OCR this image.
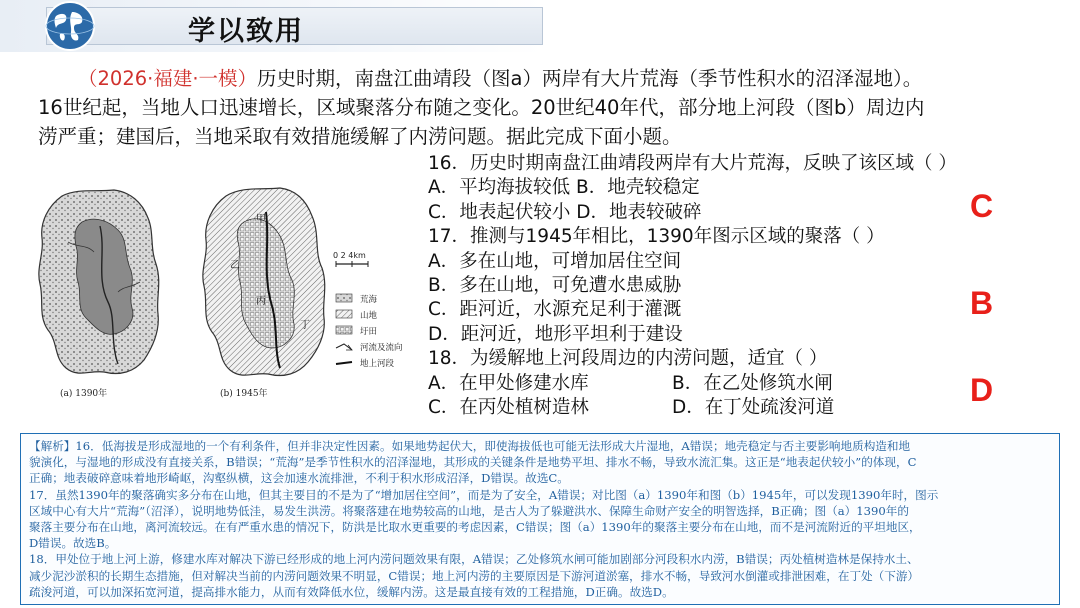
学以致用
（2026·福建·一模）历史时期，南盘江曲靖段（图a）两岸有大片荒海（季节性积水的沼泽湿地）。
16世纪起，当地人口迅速增长，区域聚落分布随之变化。20世纪40年代，部分地上河段（图b）周边内
涝严重；建国后，当地采取有效措施缓解了内涝问题。据此完成下面小题。
甲
乙
丙
丁
0 2 4km
荒海
山地
圩田
河流及流向
地上河段
(a) 1390年	(b) 1945年
16．历史时期南盘江曲靖段两岸有大片荒海，反映了该区域（ ）
A．平均海拔较低 B．地壳较稳定
C．地表起伏较小 D．地表较破碎
17．推测与1945年相比，1390年图示区域的聚落（ ）
A．多在山地，可增加居住空间
B．多在山地，可免遭水患威胁
C．距河近，水源充足利于灌溉
D．距河近，地形平坦利于建设
18．为缓解地上河段周边的内涝问题，适宜（ ）
A．在甲处修建水库	B．在乙处修筑水闸
C．在丙处植树造林	D．在丁处疏浚河道
C
B
D

【解析】16．低海拔是形成湿地的一个有利条件，但并非决定性因素。如果地势起伏大，即使海拔低也可能无法形成大片湿地，A错误；地壳稳定与否主要影响地质构造和地

貌演化，与湿地的形成没有直接关系，B错误；“荒海”是季节性积水的沼泽湿地，其形成的关键条件是地势平坦、排水不畅，导致水流汇集。这正是“地表起伏较小”的体现，C

正确；地表破碎意味着地形崎岖，沟壑纵横，这会加速水流排泄，不利于积水形成沼泽，D错误。故选C。

17．虽然1390年的聚落确实多分布在山地，但其主要目的不是为了“增加居住空间”，而是为了安全，A错误；对比图（a）1390年和图（b）1945年，可以发现1390年时，图示

区域中心有大片“荒海”（沼泽），说明地势低洼，易发生洪涝。将聚落建在地势较高的山地，是古人为了躲避洪水、保障生命财产安全的明智选择，B正确；图（a）1390年的

聚落主要分布在山地，离河流较远。在有严重水患的情况下，防洪是比取水更重要的考虑因素，C错误；图（a）1390年的聚落主要分布在山地，而不是河流附近的平坦地区，

D错误。故选B。

18．甲处位于地上河上游，修建水库对解决下游已经形成的地上河内涝问题效果有限，A错误；乙处修筑水闸可能加剧部分河段积水内涝，B错误；丙处植树造林是保持水土、

减少泥沙淤积的长期生态措施，但对解决当前的内涝问题效果不明显，C错误；地上河内涝的主要原因是下游河道淤塞，排水不畅，导致河水倒灌或排泄困难，在丁处（下游）

疏浚河道，可以加深拓宽河道，提高排水能力，从而有效降低水位，缓解内涝。这是最直接有效的工程措施，D正确。故选D。
